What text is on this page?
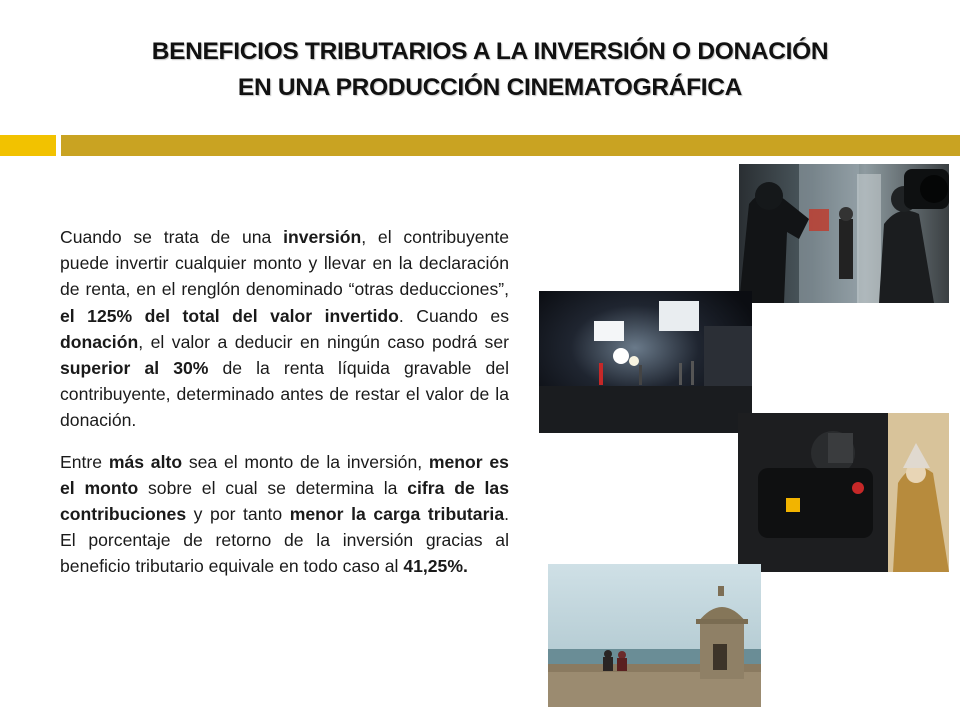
BENEFICIOS TRIBUTARIOS A LA INVERSIÓN O DONACIÓN
EN UNA PRODUCCIÓN CINEMATOGRÁFICA

Cuando se trata de una inversión, el contribuyente puede invertir cualquier monto y llevar en la declaración de renta, en el renglón denominado “otras deducciones”, el 125% del total del valor invertido. Cuando es donación, el valor a deducir en ningún caso podrá ser superior al 30% de la renta líquida gravable del contribuyente, determinado antes de restar el valor de la donación.

Entre más alto sea el monto de la inversión, menor es el monto sobre el cual se determina la cifra de las contribuciones y por tanto menor la carga tributaria. El porcentaje de retorno de la inversión gracias al beneficio tributario equivale en todo caso al 41,25%.
